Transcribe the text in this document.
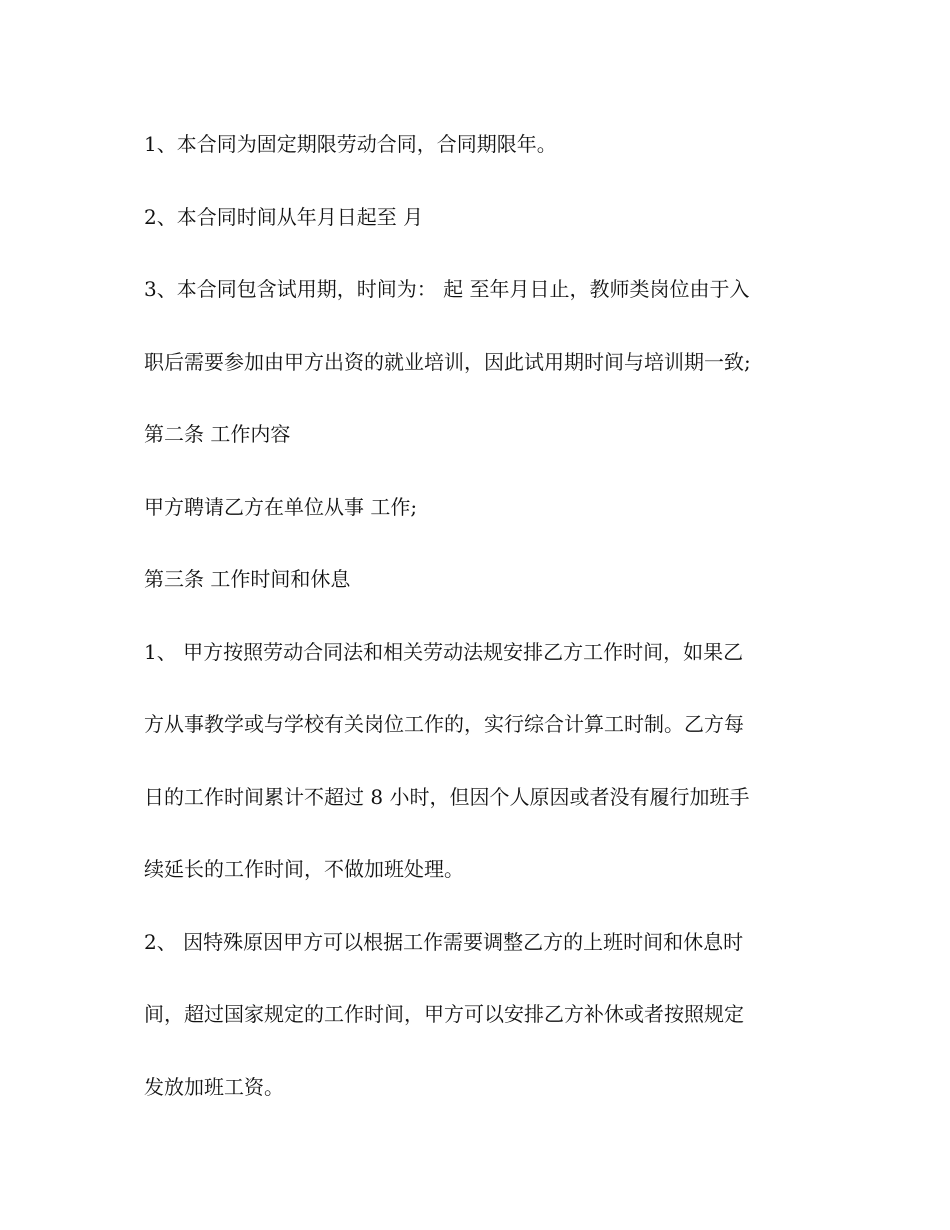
1、本合同为固定期限劳动合同，合同期限年。
2、本合同时间从年月日起至 月
3、本合同包含试用期，时间为： 起 至年月日止，教师类岗位由于入
职后需要参加由甲方出资的就业培训，因此试用期时间与培训期一致;
第二条 工作内容
甲方聘请乙方在单位从事 工作;
第三条 工作时间和休息
1、 甲方按照劳动合同法和相关劳动法规安排乙方工作时间，如果乙
方从事教学或与学校有关岗位工作的，实行综合计算工时制。乙方每
日的工作时间累计不超过 8 小时，但因个人原因或者没有履行加班手
续延长的工作时间，不做加班处理。
2、 因特殊原因甲方可以根据工作需要调整乙方的上班时间和休息时
间，超过国家规定的工作时间，甲方可以安排乙方补休或者按照规定
发放加班工资。
